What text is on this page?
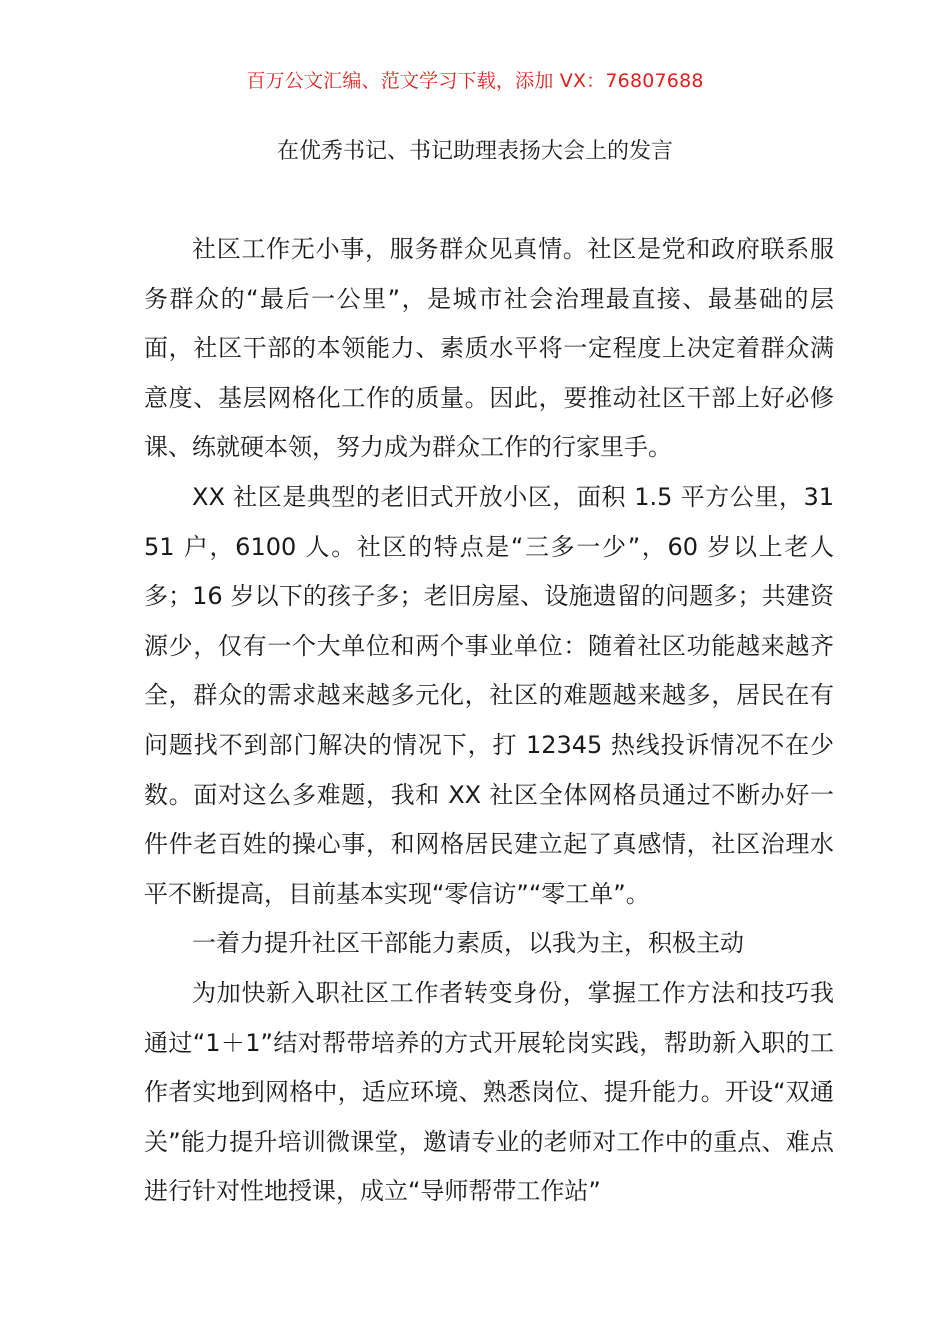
百万公文汇编、范文学习下载，添加 VX：76807688
在优秀书记、书记助理表扬大会上的发言

社区工作无小事，服务群众见真情。社区是党和政府联系服务群众的“最后一公里”，是城市社会治理最直接、最基础的层面，社区干部的本领能力、素质水平将一定程度上决定着群众满意度、基层网格化工作的质量。因此，要推动社区干部上好必修课、练就硬本领，努力成为群众工作的行家里手。

XX 社区是典型的老旧式开放小区，面积 1.5 平方公里，3151 户，6100 人。社区的特点是“三多一少”，60 岁以上老人多；16 岁以下的孩子多；老旧房屋、设施遗留的问题多；共建资源少，仅有一个大单位和两个事业单位：随着社区功能越来越齐全，群众的需求越来越多元化，社区的难题越来越多，居民在有问题找不到部门解决的情况下，打 12345 热线投诉情况不在少数。面对这么多难题，我和 XX 社区全体网格员通过不断办好一件件老百姓的操心事，和网格居民建立起了真感情，社区治理水平不断提高，目前基本实现“零信访”“零工单”。

一着力提升社区干部能力素质，以我为主，积极主动

为加快新入职社区工作者转变身份，掌握工作方法和技巧我通过“1＋1”结对帮带培养的方式开展轮岗实践，帮助新入职的工作者实地到网格中，适应环境、熟悉岗位、提升能力。开设“双通关”能力提升培训微课堂，邀请专业的老师对工作中的重点、难点进行针对性地授课，成立“导师帮带工作站”
